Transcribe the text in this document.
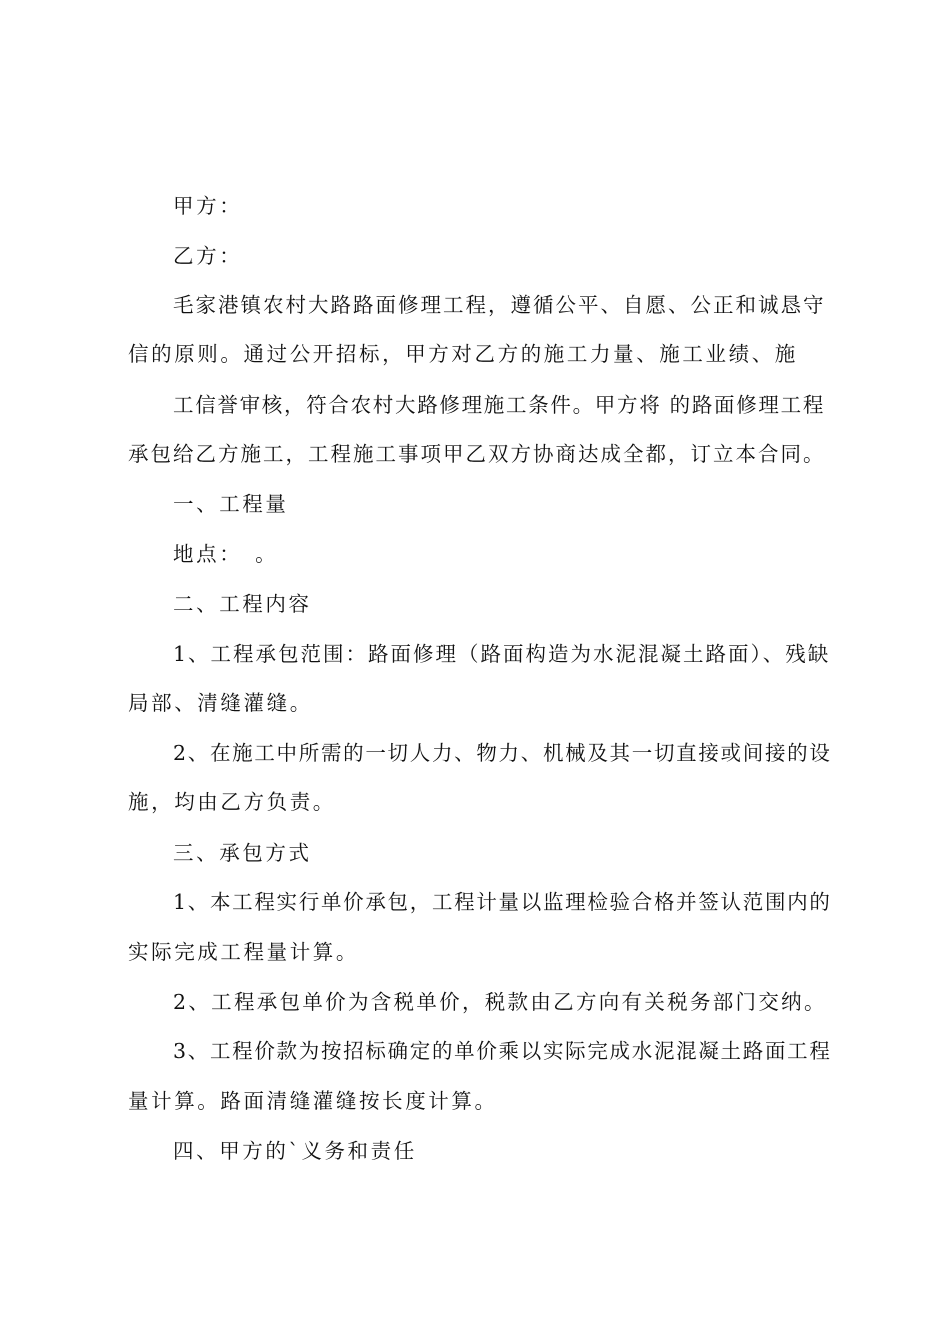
甲方：
乙方：
毛家港镇农村大路路面修理工程，遵循公平、自愿、公正和诚恳守
信的原则。通过公开招标，甲方对乙方的施工力量、施工业绩、施
工信誉审核，符合农村大路修理施工条件。甲方将 的路面修理工程
承包给乙方施工，工程施工事项甲乙双方协商达成全都，订立本合同。
一、工程量
地点：　。
二、工程内容
1、工程承包范围：路面修理（路面构造为水泥混凝土路面）、残缺
局部、清缝灌缝。
2、在施工中所需的一切人力、物力、机械及其一切直接或间接的设
施，均由乙方负责。
三、承包方式
1、本工程实行单价承包，工程计量以监理检验合格并签认范围内的
实际完成工程量计算。
2、工程承包单价为含税单价，税款由乙方向有关税务部门交纳。
3、工程价款为按招标确定的单价乘以实际完成水泥混凝土路面工程
量计算。路面清缝灌缝按长度计算。
四、甲方的`义务和责任
